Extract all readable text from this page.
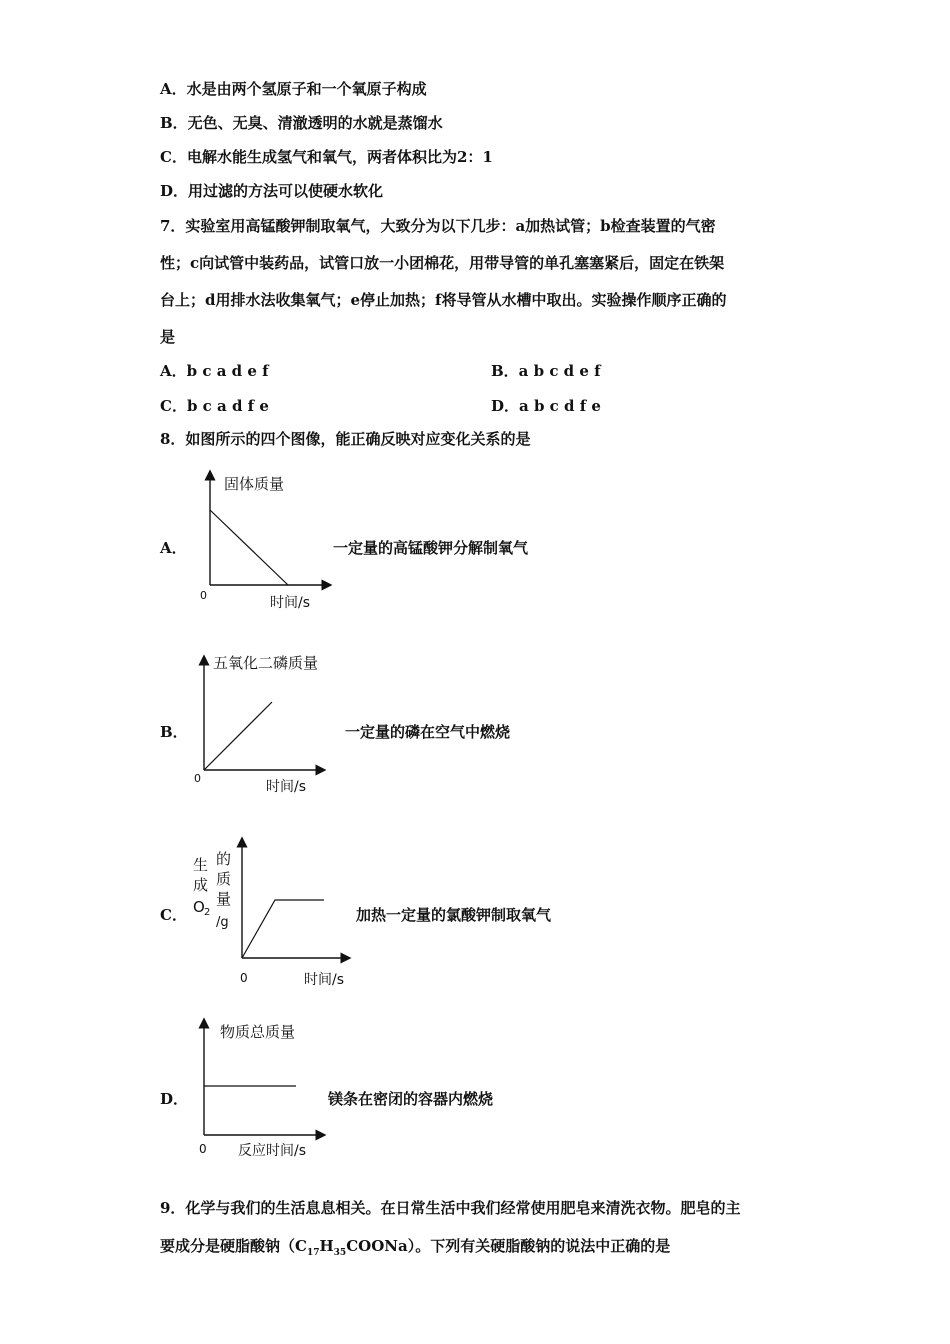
A．水是由两个氢原子和一个氧原子构成
B．无色、无臭、清澈透明的水就是蒸馏水
C．电解水能生成氢气和氧气，两者体积比为2：1
D．用过滤的方法可以使硬水软化
7．实验室用高锰酸钾制取氧气，大致分为以下几步：a加热试管；b检查装置的气密
性；c向试管中装药品，试管口放一小团棉花，用带导管的单孔塞塞紧后，固定在铁架
台上；d用排水法收集氧气；e停止加热；f将导管从水槽中取出。实验操作顺序正确的
是
A．b c a d e f	B．a b c d e f
C．b c a d f e	D．a b c d f e
8．如图所示的四个图像，能正确反映对应变化关系的是
A．
固体质量
0	时间/s
一定量的高锰酸钾分解制氧气
B．
五氧化二磷质量
0
时间/s
一定量的磷在空气中燃烧
C．
生
成
O 2
的
质
量
/g
0	时间/s
加热一定量的氯酸钾制取氧气
D．
物质总质量
0 反应时间/s
镁条在密闭的容器内燃烧
9．化学与我们的生活息息相关。在日常生活中我们经常使用肥皂来清洗衣物。肥皂的主
要成分是硬脂酸钠$(C_{17}H_{35}COONa)$。下列有关硬脂酸钠的说法中正确的是
